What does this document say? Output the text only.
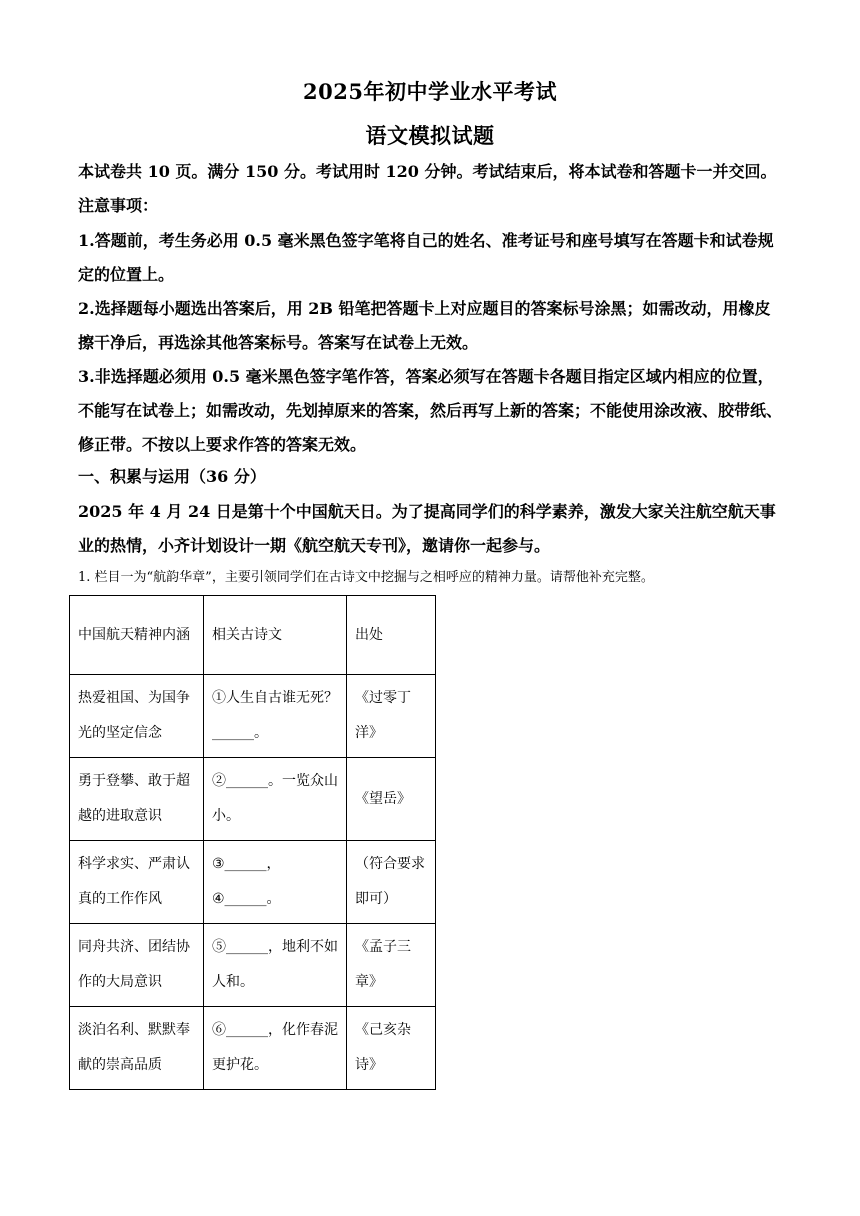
2025年初中学业水平考试
语文模拟试题
本试卷共 10 页。满分 150 分。考试用时 120 分钟。考试结束后，将本试卷和答题卡一并交回。
注意事项：
1.答题前，考生务必用 0.5 毫米黑色签字笔将自己的姓名、准考证号和座号填写在答题卡和试卷规定的位置上。
2.选择题每小题选出答案后，用 2B 铅笔把答题卡上对应题目的答案标号涂黑；如需改动，用橡皮擦干净后，再选涂其他答案标号。答案写在试卷上无效。
3.非选择题必须用 0.5 毫米黑色签字笔作答，答案必须写在答题卡各题目指定区域内相应的位置，不能写在试卷上；如需改动，先划掉原来的答案，然后再写上新的答案；不能使用涂改液、胶带纸、修正带。不按以上要求作答的答案无效。
一、积累与运用（36 分）
2025 年 4 月 24 日是第十个中国航天日。为了提高同学们的科学素养，激发大家关注航空航天事业的热情，小齐计划设计一期《航空航天专刊》，邀请你一起参与。
1. 栏目一为“航韵华章”，主要引领同学们在古诗文中挖掘与之相呼应的精神力量。请帮他补充完整。
中国航天精神内涵	相关古诗文	出处
热爱祖国、为国争光的坚定信念	①人生自古谁无死？______。	《过零丁洋》
勇于登攀、敢于超越的进取意识	②______。一览众山小。	《望岳》
科学求实、严肃认真的工作作风	③______，④______。	（符合要求即可）
同舟共济、团结协作的大局意识	⑤______，地利不如人和。	《孟子三章》
淡泊名利、默默奉献的崇高品质	⑥______，化作春泥更护花。	《己亥杂诗》
